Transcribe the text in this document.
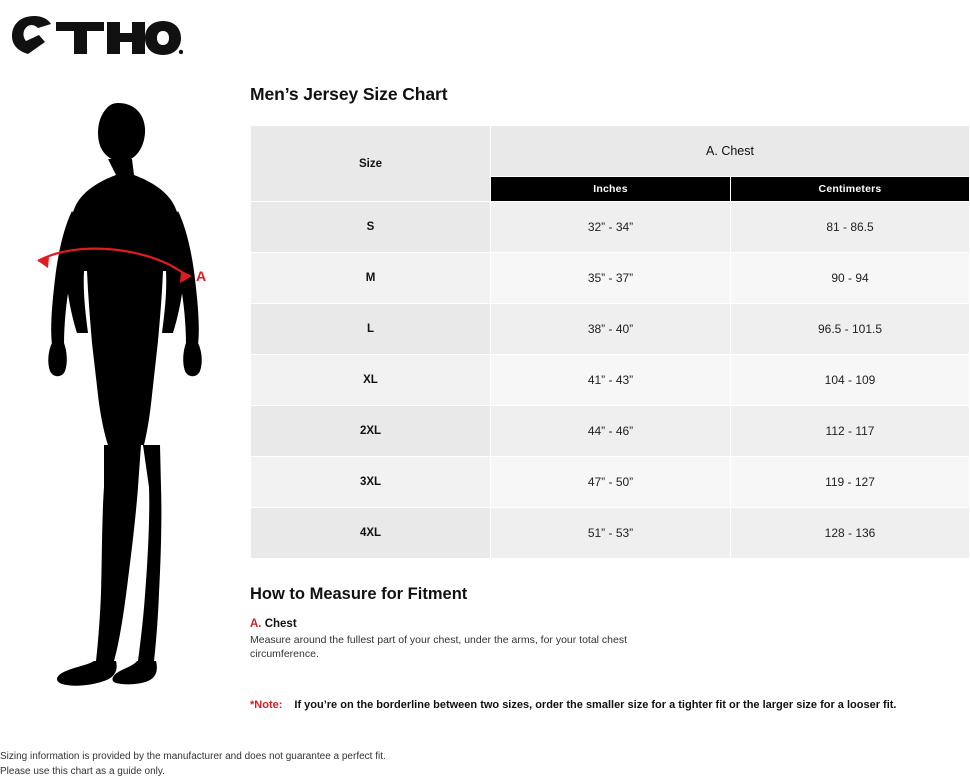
A
Men’s Jersey Size Chart
Size	A. Chest	
	Inches	Centimeters
S	32” - 34”	81 - 86.5
M	35” - 37”	90 - 94
L	38” - 40”	96.5 - 101.5
XL	41” - 43”	104 - 109
2XL	44” - 46”	112 - 117
3XL	47” - 50”	119 - 127
4XL	51” - 53”	128 - 136
How to Measure for Fitment
A. Chest
Measure around the fullest part of your chest, under the arms, for your total chest circumference.
*Note: If you’re on the borderline between two sizes, order the smaller size for a tighter fit or the larger size for a looser fit.
Sizing information is provided by the manufacturer and does not guarantee a perfect fit.
Please use this chart as a guide only.
